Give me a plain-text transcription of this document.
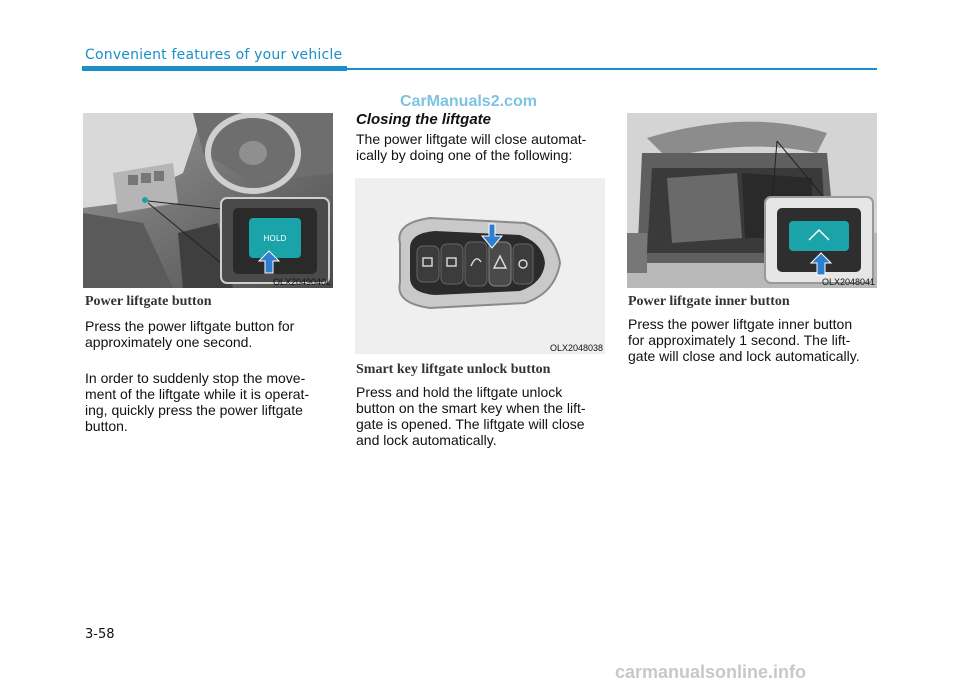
Convenient features of your vehicle
CarManuals2.com
HOLD
OLX2049040L
Power liftgate button
Press the power liftgate button for
approximately one second.
In order to suddenly stop the move-
ment of the liftgate while it is operat-
ing, quickly press the power liftgate
button.
Closing the liftgate
The power liftgate will close automat-
ically by doing one of the following:
OLX2048038
Smart key liftgate unlock button
Press and hold the liftgate unlock
button on the smart key when the lift-
gate is opened. The liftgate will close
and lock automatically.
OLX2048041
Power liftgate inner button
Press the power liftgate inner button
for approximately 1 second. The lift-
gate will close and lock automatically.
3-58
carmanualsonline.info
